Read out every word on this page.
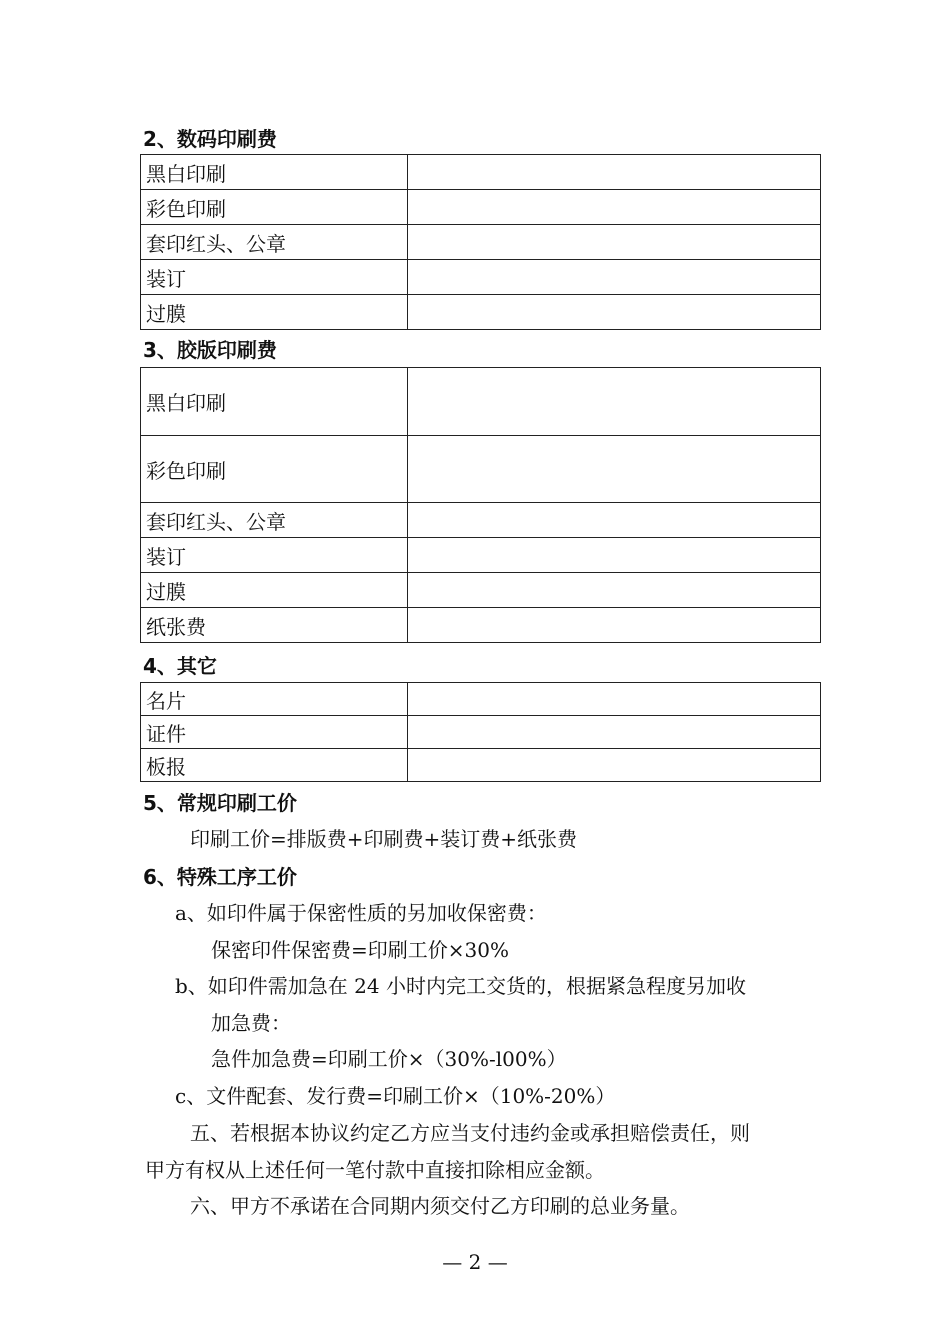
2、数码印刷费
黑白印刷	
彩色印刷	
套印红头、公章	
装订	
过膜	
3、胶版印刷费
黑白印刷	
彩色印刷	
套印红头、公章	
装订	
过膜	
纸张费	
4、其它
名片	
证件	
板报	
5、常规印刷工价
印刷工价=排版费+印刷费+装订费+纸张费
6、特殊工序工价
a、如印件属于保密性质的另加收保密费：
保密印件保密费=印刷工价×30%
b、如印件需加急在 24 小时内完工交货的，根据紧急程度另加收
加急费：
急件加急费=印刷工价×（30%-l00%）
c、文件配套、发行费=印刷工价×（10%-20%）
五、若根据本协议约定乙方应当支付违约金或承担赔偿责任，则
甲方有权从上述任何一笔付款中直接扣除相应金额。
六、甲方不承诺在合同期内须交付乙方印刷的总业务量。
— 2 —
